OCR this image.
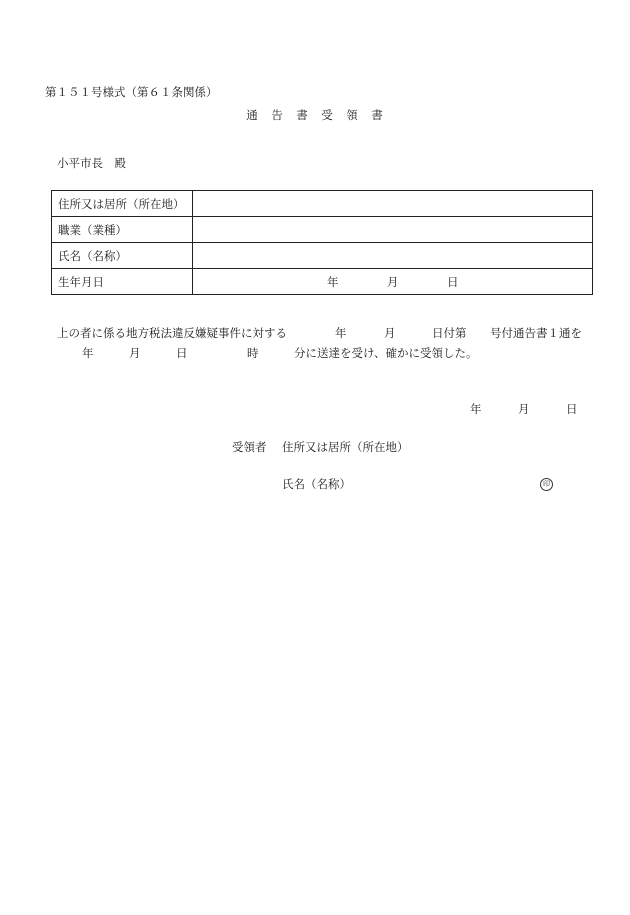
第１５１号様式（第６１条関係）
通　告　書　受　領　書
小平市長　殿
住所又は居所（所在地）	
職業（業種）	
氏名（名称）	
生年月日	年 月 日
上の者に係る地方税法違反嫌疑事件に対する	年	月	日付第 号付通告書１通を
年	月	日	時	分に送達を受け、確かに受領した。
年	月	日
受領者 住所又は居所（所在地）
氏名（名称）	印
